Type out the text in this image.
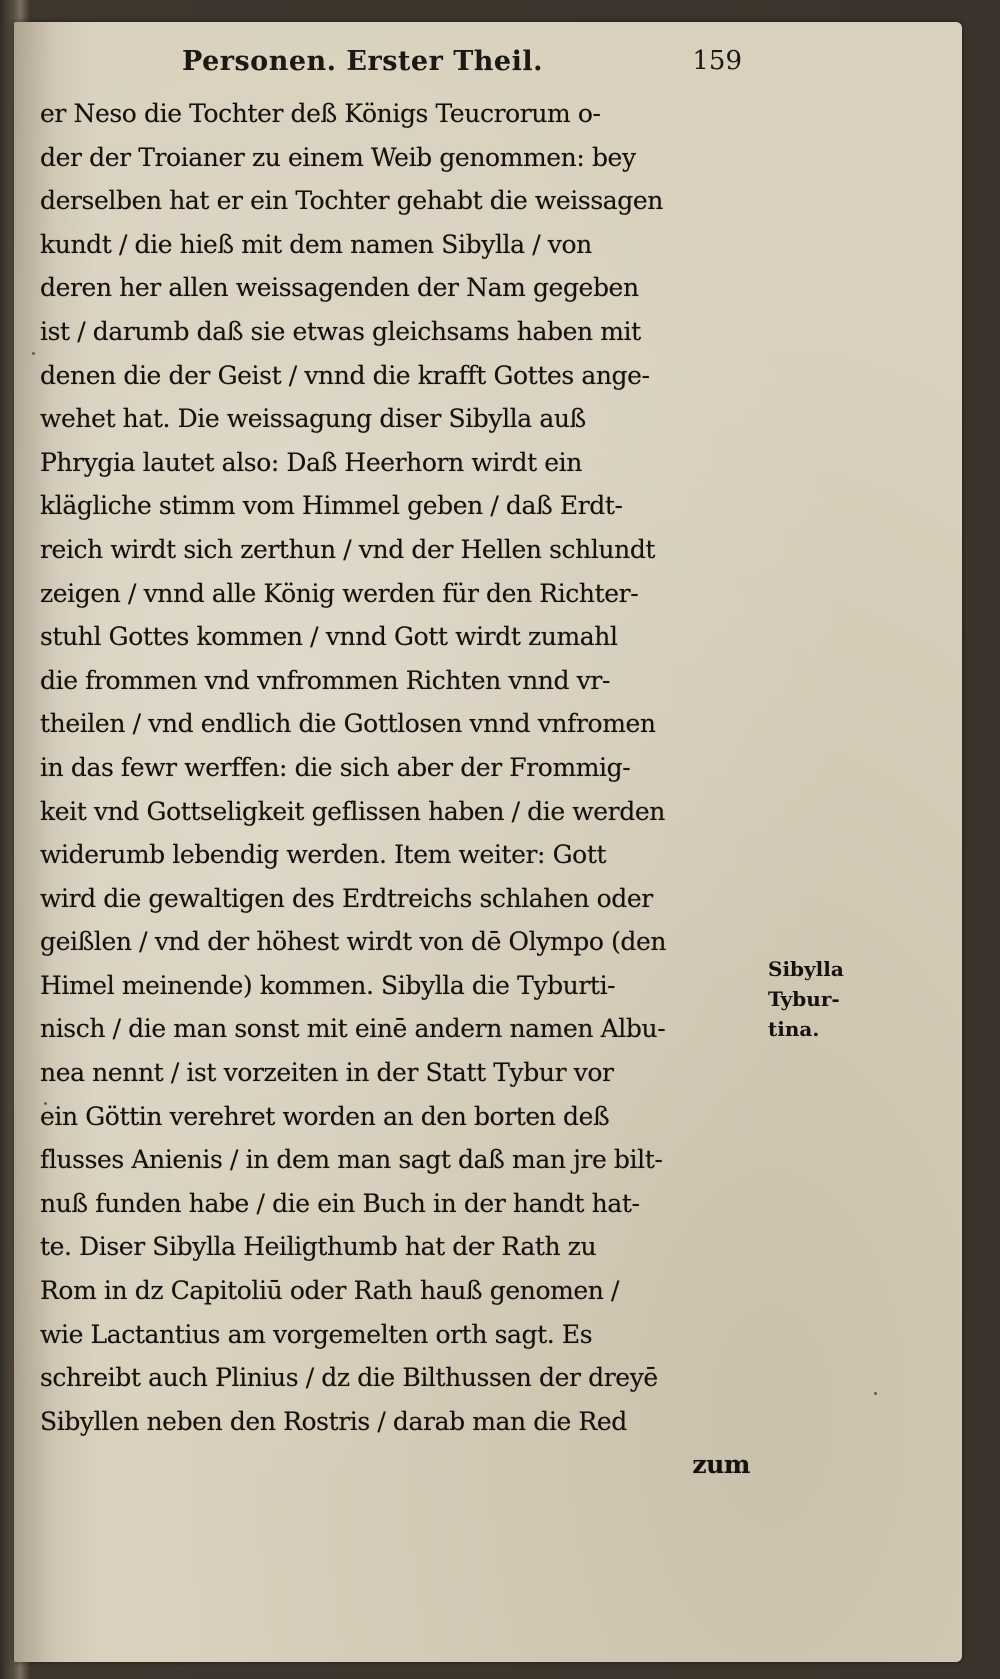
Personen. Erster Theil.	159
er Neso die Tochter deß Königs Teucrorum o-
der der Troianer zu einem Weib genommen: bey
derselben hat er ein Tochter gehabt die weissagen
kundt / die hieß mit dem namen Sibylla / von
deren her allen weissagenden der Nam gegeben
ist / darumb daß sie etwas gleichsams haben mit
denen die der Geist / vnnd die krafft Gottes ange-
wehet hat. Die weissagung diser Sibylla auß
Phrygia lautet also: Daß Heerhorn wirdt ein
klägliche stimm vom Himmel geben / daß Erdt-
reich wirdt sich zerthun / vnd der Hellen schlundt
zeigen / vnnd alle König werden für den Richter-
stuhl Gottes kommen / vnnd Gott wirdt zumahl
die frommen vnd vnfrommen Richten vnnd vr-
theilen / vnd endlich die Gottlosen vnnd vnfromen
in das fewr werffen: die sich aber der Frommig-
keit vnd Gottseligkeit geflissen haben / die werden
widerumb lebendig werden. Item weiter: Gott
wird die gewaltigen des Erdtreichs schlahen oder
geißlen / vnd der höhest wirdt von dē Olympo (den
Himel meinende) kommen. Sibylla die Tyburti-
nisch / die man sonst mit einē andern namen Albu-
nea nennt / ist vorzeiten in der Statt Tybur vor
ein Göttin verehret worden an den borten deß
flusses Anienis / in dem man sagt daß man jre bilt-
nuß funden habe / die ein Buch in der handt hat-
te. Diser Sibylla Heiligthumb hat der Rath zu
Rom in dz Capitoliū oder Rath hauß genomen /
wie Lactantius am vorgemelten orth sagt. Es
schreibt auch Plinius / dz die Bilthussen der dreyē
Sibyllen neben den Rostris / darab man die Red
zum
Sibylla
Tybur-
tina.
